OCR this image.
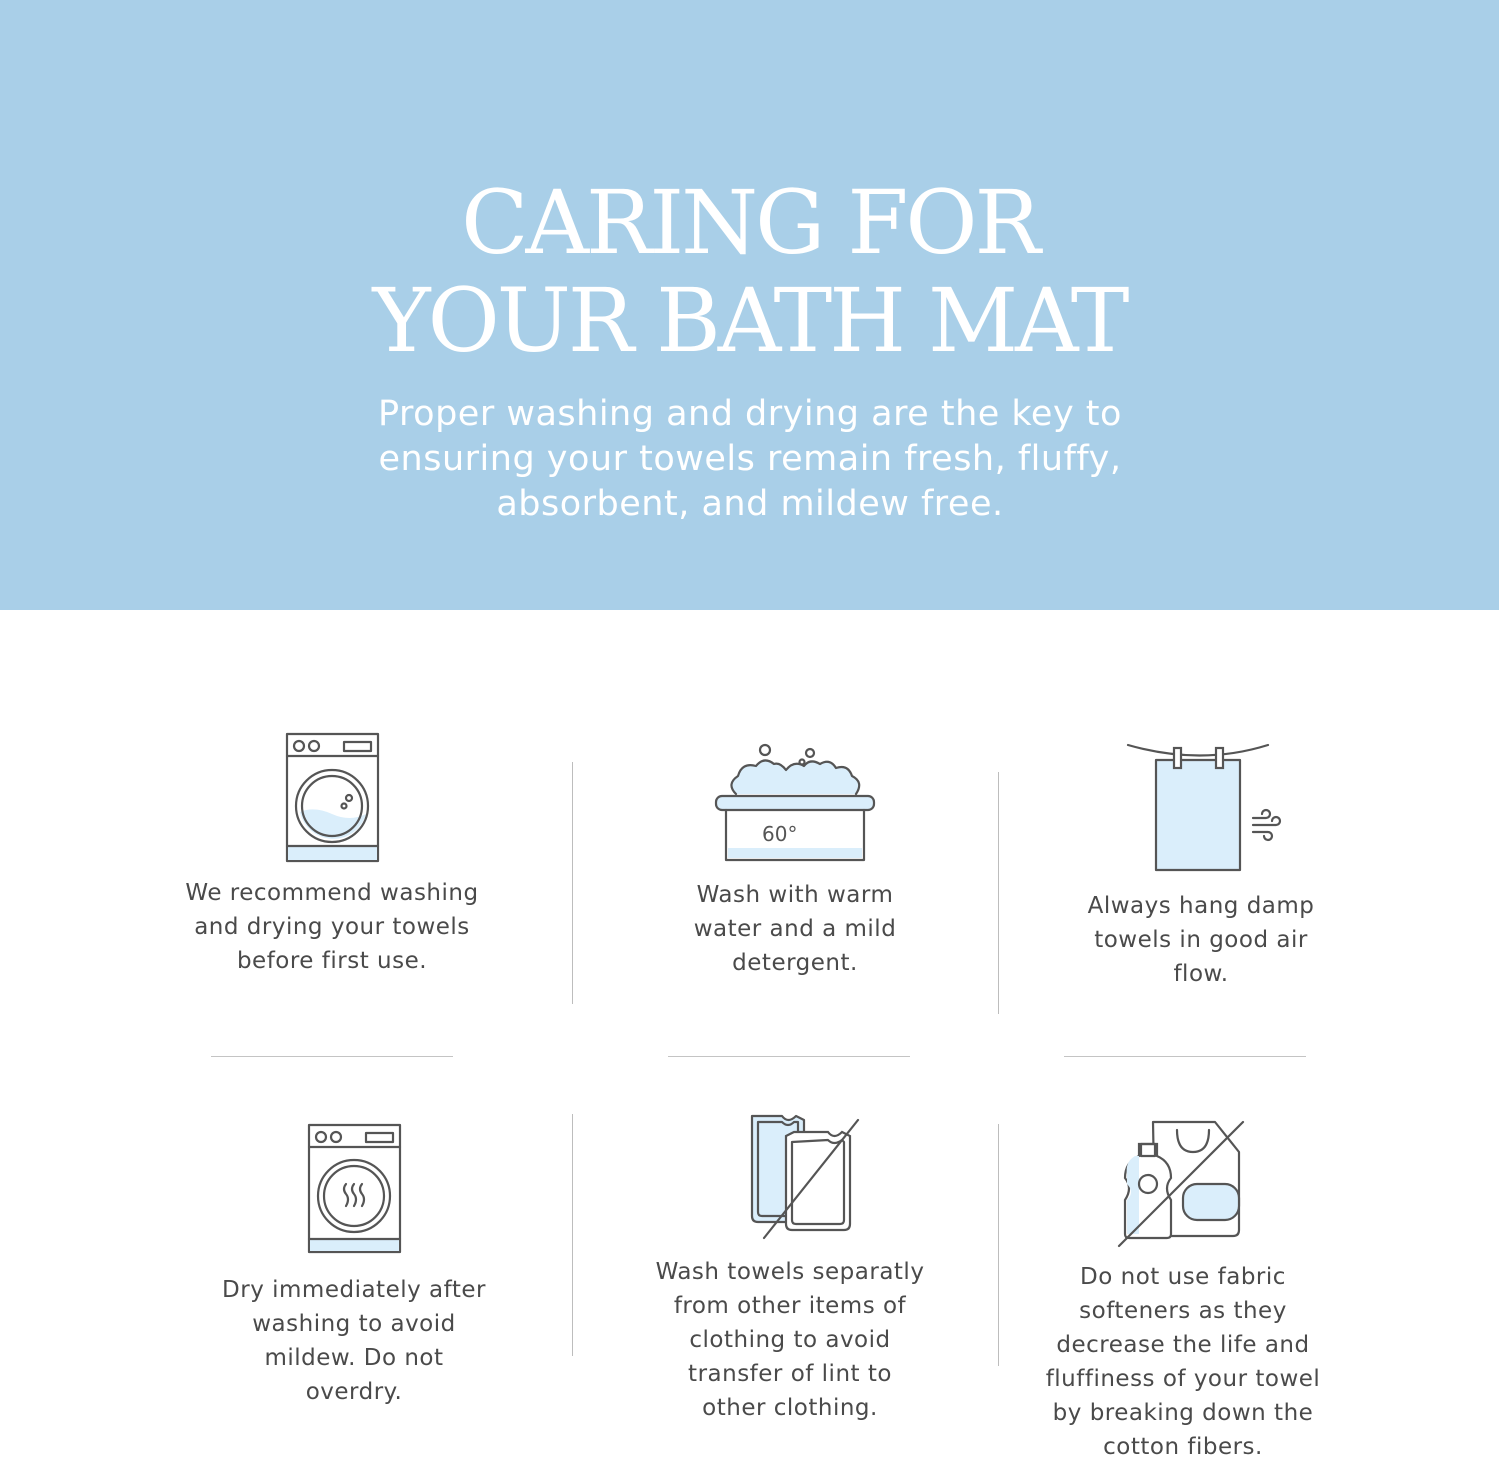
CARING FOR
YOUR BATH MAT

Proper washing and drying are the key to
ensuring your towels remain fresh, fluffy,
absorbent, and mildew free.

We recommend washing
and drying your towels
before first use.

60°

Wash with warm
water and a mild
detergent.

Always hang damp
towels in good air
flow.

Dry immediately after
washing to avoid
mildew. Do not
overdry.

Wash towels separatly
from other items of
clothing to avoid
transfer of lint to
other clothing.

Do not use fabric
softeners as they
decrease the life and
fluffiness of your towel
by breaking down the
cotton fibers.
